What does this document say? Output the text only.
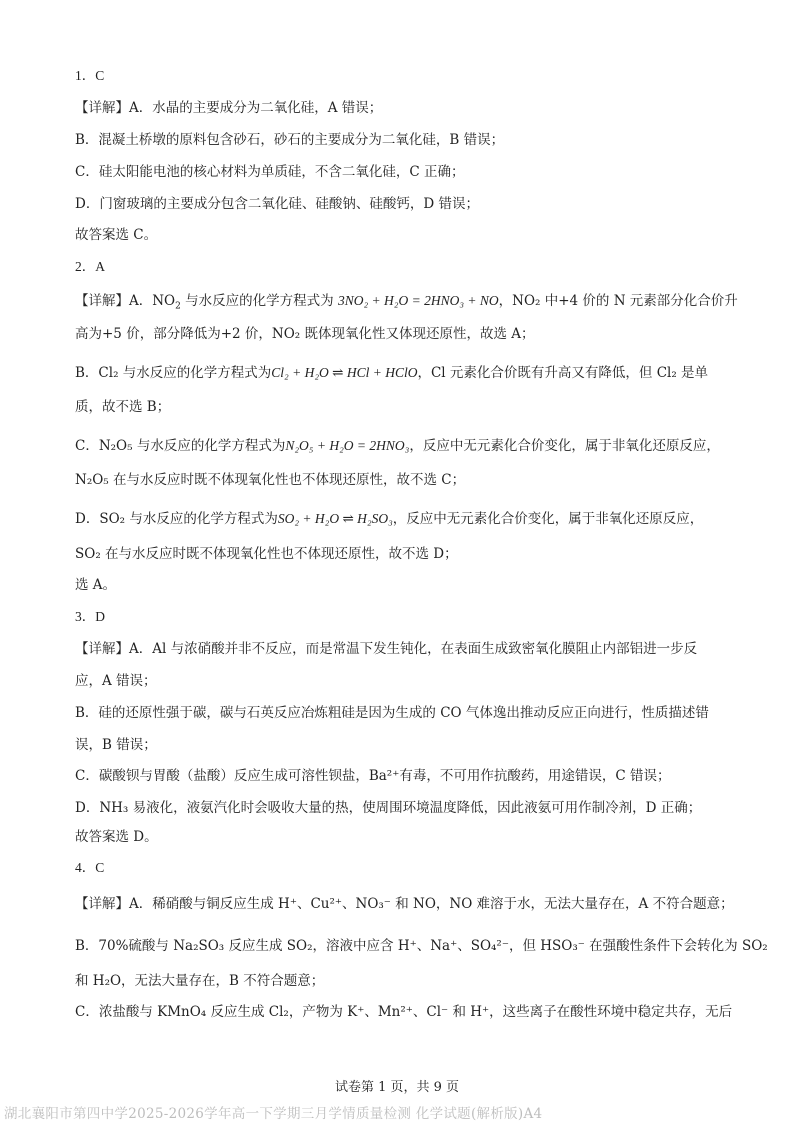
1．C
【详解】A．水晶的主要成分为二氧化硅，A 错误；
B．混凝土桥墩的原料包含砂石，砂石的主要成分为二氧化硅，B 错误；
C．硅太阳能电池的核心材料为单质硅，不含二氧化硅，C 正确；
D．门窗玻璃的主要成分包含二氧化硅、硅酸钠、硅酸钙，D 错误；
故答案选 C。
2．A
【详解】A．$NO_2$ 与水反应的化学方程式为 3NO₂ + H₂O = 2HNO₃ + NO，NO₂ 中+4 价的 N 元素部分化合价升
高为+5 价，部分降低为+2 价，NO₂ 既体现氧化性又体现还原性，故选 A；
B．Cl₂ 与水反应的化学方程式为Cl₂ + H₂O ⇌ HCl + HClO，Cl 元素化合价既有升高又有降低，但 Cl₂ 是单
质，故不选 B；
C．N₂O₅ 与水反应的化学方程式为N₂O₅ + H₂O = 2HNO₃，反应中无元素化合价变化，属于非氧化还原反应，
N₂O₅ 在与水反应时既不体现氧化性也不体现还原性，故不选 C；
D．SO₂ 与水反应的化学方程式为SO₂ + H₂O ⇌ H₂SO₃，反应中无元素化合价变化，属于非氧化还原反应，
SO₂ 在与水反应时既不体现氧化性也不体现还原性，故不选 D；
选 A。
3．D
【详解】A．Al 与浓硝酸并非不反应，而是常温下发生钝化，在表面生成致密氧化膜阻止内部铝进一步反
应，A 错误；
B．硅的还原性强于碳，碳与石英反应冶炼粗硅是因为生成的 CO 气体逸出推动反应正向进行，性质描述错
误，B 错误；
C．碳酸钡与胃酸（盐酸）反应生成可溶性钡盐，Ba²⁺有毒，不可用作抗酸药，用途错误，C 错误；
D．NH₃ 易液化，液氨汽化时会吸收大量的热，使周围环境温度降低，因此液氨可用作制冷剂，D 正确；
故答案选 D。
4．C
【详解】A．稀硝酸与铜反应生成 H⁺、Cu²⁺、NO₃⁻ 和 NO，NO 难溶于水，无法大量存在，A 不符合题意；
B．70%硫酸与 Na₂SO₃ 反应生成 SO₂，溶液中应含 H⁺、Na⁺、SO₄²⁻，但 HSO₃⁻ 在强酸性条件下会转化为 SO₂
和 H₂O，无法大量存在，B 不符合题意；
C．浓盐酸与 KMnO₄ 反应生成 Cl₂，产物为 K⁺、Mn²⁺、Cl⁻ 和 H⁺，这些离子在酸性环境中稳定共存，无后
试卷第 1 页，共 9 页
湖北襄阳市第四中学2025-2026学年高一下学期三月学情质量检测 化学试题(解析版)A4
